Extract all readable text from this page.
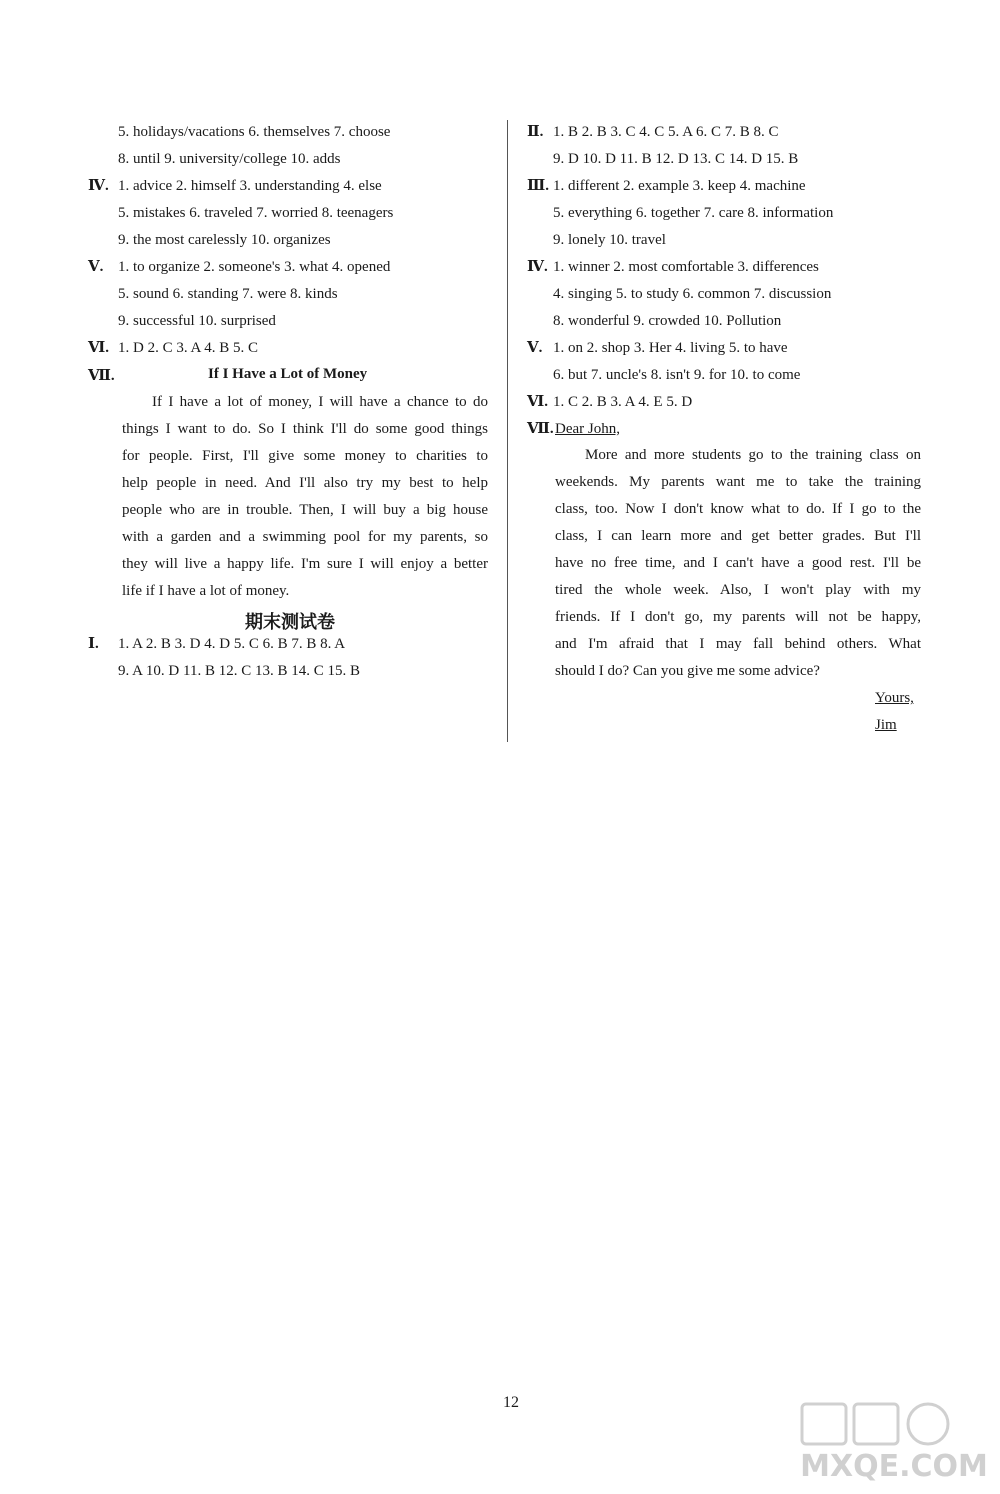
5. holidays/vacations 6. themselves 7. choose
8. until 9. university/college 10. adds
Ⅳ. 1. advice 2. himself 3. understanding 4. else
5. mistakes 6. traveled 7. worried 8. teenagers
9. the most carelessly 10. organizes
Ⅴ. 1. to organize 2. someone's 3. what 4. opened
5. sound 6. standing 7. were 8. kinds
9. successful 10. surprised
Ⅵ. 1. D 2. C 3. A 4. B 5. C
Ⅶ.	If I Have a Lot of Money
If I have a lot of money, I will have a chance to do
things I want to do. So I think I'll do some good things
for people. First, I'll give some money to charities to
help people in need. And I'll also try my best to help
people who are in trouble. Then, I will buy a big house
with a garden and a swimming pool for my parents, so
they will live a happy life. I'm sure I will enjoy a better
life if I have a lot of money.
期末测试卷
Ⅰ. 1. A 2. B 3. D 4. D 5. C 6. B 7. B 8. A
9. A 10. D 11. B 12. C 13. B 14. C 15. B
Ⅱ. 1. B 2. B 3. C 4. C 5. A 6. C 7. B 8. C
9. D 10. D 11. B 12. D 13. C 14. D 15. B
Ⅲ. 1. different 2. example 3. keep 4. machine
5. everything 6. together 7. care 8. information
9. lonely 10. travel
Ⅳ. 1. winner 2. most comfortable 3. differences
4. singing 5. to study 6. common 7. discussion
8. wonderful 9. crowded 10. Pollution
Ⅴ. 1. on 2. shop 3. Her 4. living 5. to have
6. but 7. uncle's 8. isn't 9. for 10. to come
Ⅵ. 1. C 2. B 3. A 4. E 5. D
Ⅶ. Dear John,
More and more students go to the training class on
weekends. My parents want me to take the training
class, too. Now I don't know what to do. If I go to the
class, I can learn more and get better grades. But I'll
have no free time, and I can't have a good rest. I'll be
tired the whole week. Also, I won't play with my
friends. If I don't go, my parents will not be happy,
and I'm afraid that I may fall behind others. What
should I do? Can you give me some advice?
Yours,
Jim
12
MXQE.COM
